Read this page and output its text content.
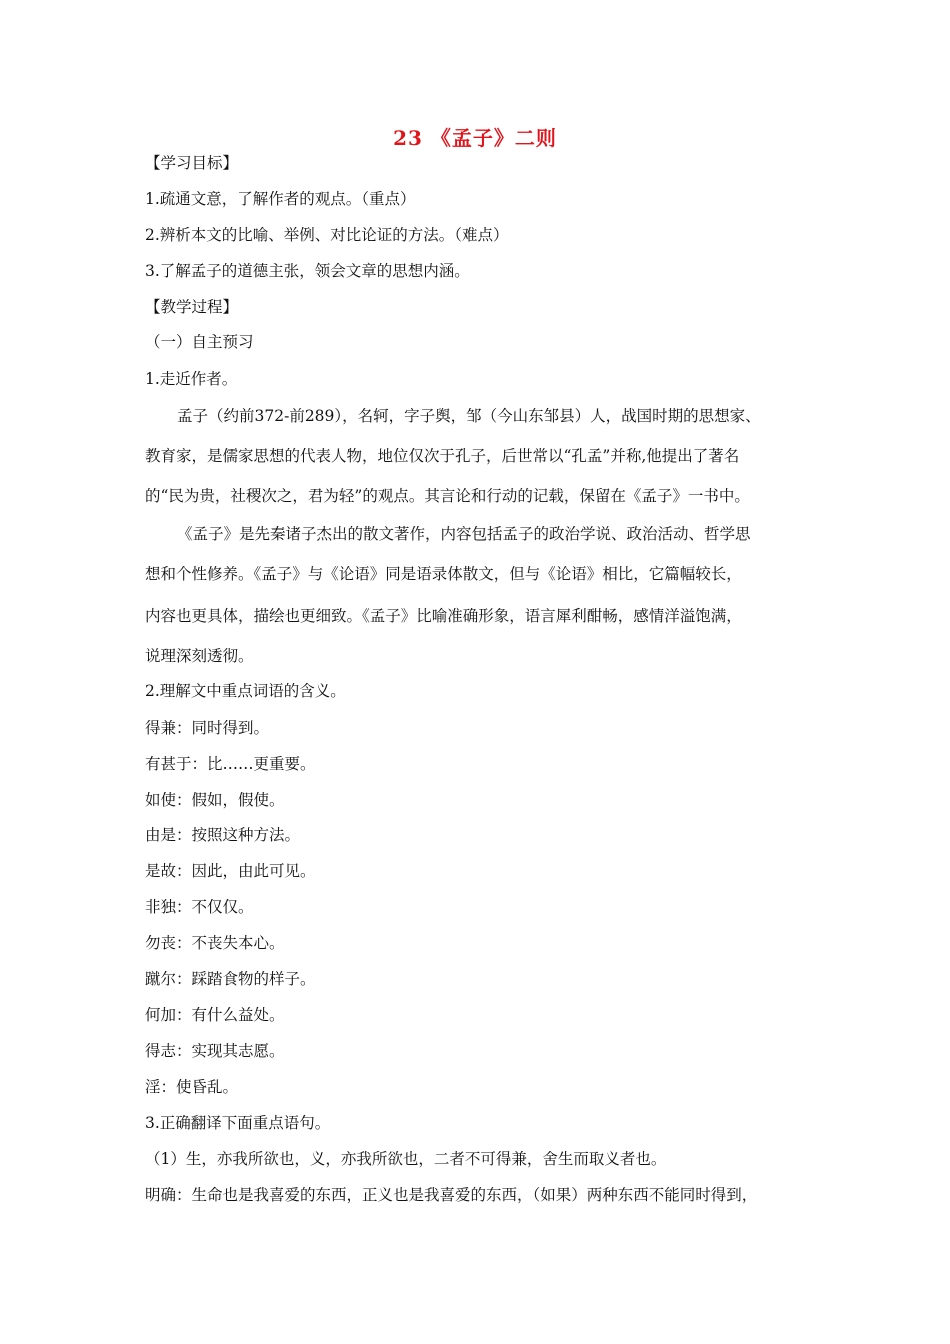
23 《孟子》二则
【学习目标】
1.疏通文意，了解作者的观点。（重点）
2.辨析本文的比喻、举例、对比论证的方法。（难点）
3.了解孟子的道德主张，领会文章的思想内涵。
【教学过程】
（一）自主预习
1.走近作者。
孟子（约前372-前289），名轲，字子舆，邹（今山东邹县）人，战国时期的思想家、
教育家，是儒家思想的代表人物，地位仅次于孔子，后世常以“孔孟”并称,他提出了著名
的“民为贵，社稷次之，君为轻”的观点。其言论和行动的记载，保留在《孟子》一书中。
《孟子》是先秦诸子杰出的散文著作，内容包括孟子的政治学说、政治活动、哲学思
想和个性修养。《孟子》与《论语》同是语录体散文，但与《论语》相比，它篇幅较长，
内容也更具体，描绘也更细致。《孟子》比喻准确形象，语言犀利酣畅，感情洋溢饱满，
说理深刻透彻。
2.理解文中重点词语的含义。
得兼：同时得到。
有甚于：比……更重要。
如使：假如，假使。
由是：按照这种方法。
是故：因此，由此可见。
非独：不仅仅。
勿丧：不丧失本心。
蹴尔：踩踏食物的样子。
何加：有什么益处。
得志：实现其志愿。
淫：使昏乱。
3.正确翻译下面重点语句。
（1）生，亦我所欲也，义，亦我所欲也，二者不可得兼，舍生而取义者也。
明确：生命也是我喜爱的东西，正义也是我喜爱的东西，（如果）两种东西不能同时得到，
